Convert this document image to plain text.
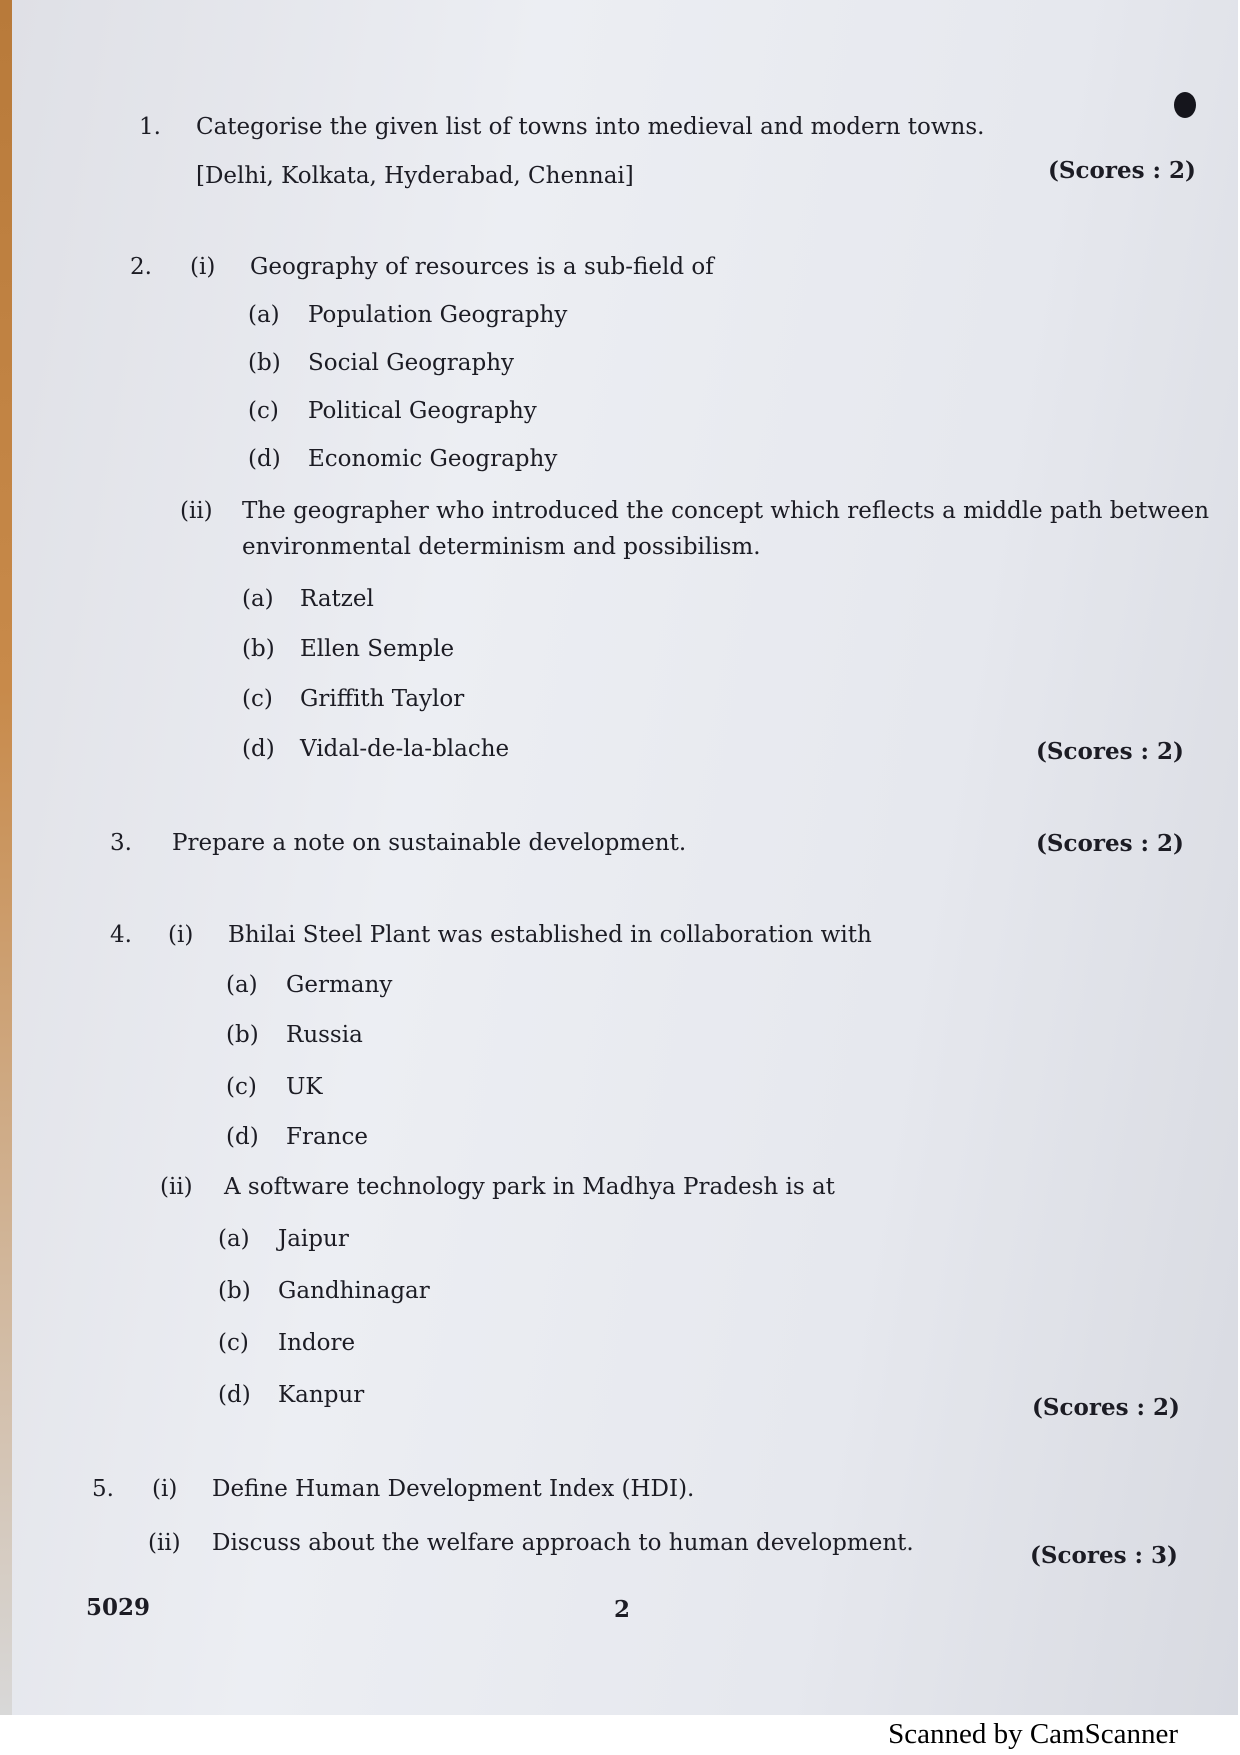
1. Categorise the given list of towns into medieval and modern towns.
[Delhi, Kolkata, Hyderabad, Chennai]	(Scores : 2)
2. (i) Geography of resources is a sub-field of
(a) Population Geography
(b) Social Geography
(c) Political Geography
(d) Economic Geography
(ii) The geographer who introduced the concept which reflects a middle path between
environmental determinism and possibilism.
(a) Ratzel
(b) Ellen Semple
(c) Griffith Taylor
(d) Vidal-de-la-blache	(Scores : 2)
3. Prepare a note on sustainable development.	(Scores : 2)
4. (i) Bhilai Steel Plant was established in collaboration with
(a) Germany
(b) Russia
(c) UK
(d) France
(ii) A software technology park in Madhya Pradesh is at
(a) Jaipur
(b) Gandhinagar
(c) Indore
(d) Kanpur	(Scores : 2)
5. (i) Define Human Development Index (HDI).
(ii) Discuss about the welfare approach to human development.	(Scores : 3)
5029	2
Scanned by CamScanner
